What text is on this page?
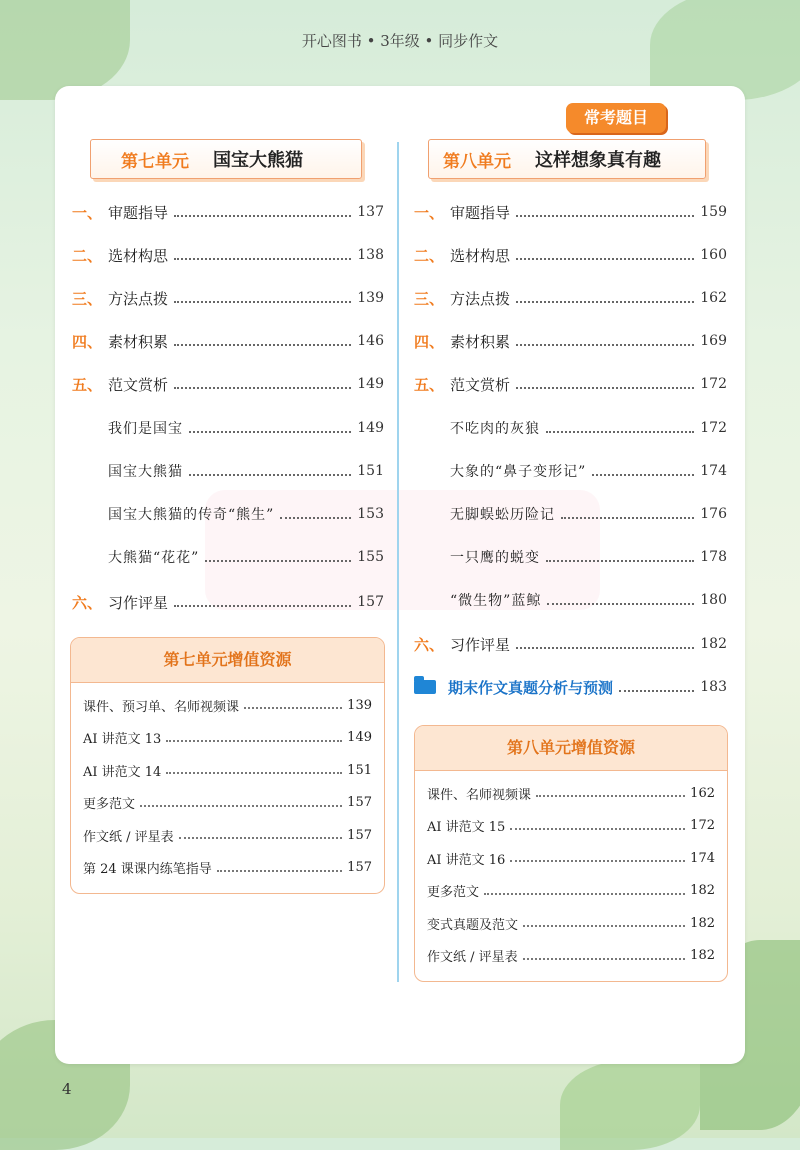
开心图书 • 3年级 • 同步作文
第七单元 国宝大熊猫	第八单元 这样想象真有趣
常考题目
一、 审题指导	137
二、 选材构思	138
三、 方法点拨	139
四、 素材积累	146
五、 范文赏析	149
我们是国宝	149
国宝大熊猫	151
国宝大熊猫的传奇“熊生”	153
大熊猫“花花”	155
六、 习作评星	157
第七单元增值资源
课件、预习单、名师视频课	139
AI 讲范文 13	149
AI 讲范文 14	151
更多范文	157
作文纸 / 评星表	157
第 24 课课内练笔指导	157
一、 审题指导	159
二、 选材构思	160
三、 方法点拨	162
四、 素材积累	169
五、 范文赏析	172
不吃肉的灰狼	172
大象的“鼻子变形记”	174
无脚蜈蚣历险记	176
一只鹰的蜕变	178
“微生物”蓝鲸	180
六、 习作评星	182
期末作文真题分析与预测	183
第八单元增值资源
课件、名师视频课	162
AI 讲范文 15	172
AI 讲范文 16	174
更多范文	182
变式真题及范文	182
作文纸 / 评星表	182
4
